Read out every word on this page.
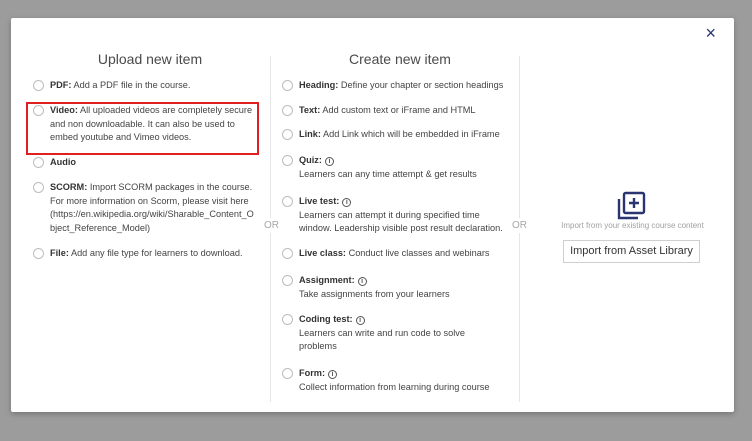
×
OR	OR
Upload new item
PDF: Add a PDF file in the course.
Video: All uploaded videos are completely secure and non downloadable. It can also be used to embed youtube and Vimeo videos.
Audio
SCORM: Import SCORM packages in the course. For more information on Scorm, please visit here (https://en.wikipedia.org/wiki/Sharable_Content_Object_Reference_Model)
File: Add any file type for learners to download.
Create new item
Heading: Define your chapter or section headings
Text: Add custom text or iFrame and HTML
Link: Add Link which will be embedded in iFrame
Quiz: i
Learners can any time attempt & get results
Live test: i
Learners can attempt it during specified time window. Leadership visible post result declaration.
Live class: Conduct live classes and webinars
Assignment: i
Take assignments from your learners
Coding test: i
Learners can write and run code to solve problems
Form: i
Collect information from learning during course
Import from your existing course content
Import from Asset Library
